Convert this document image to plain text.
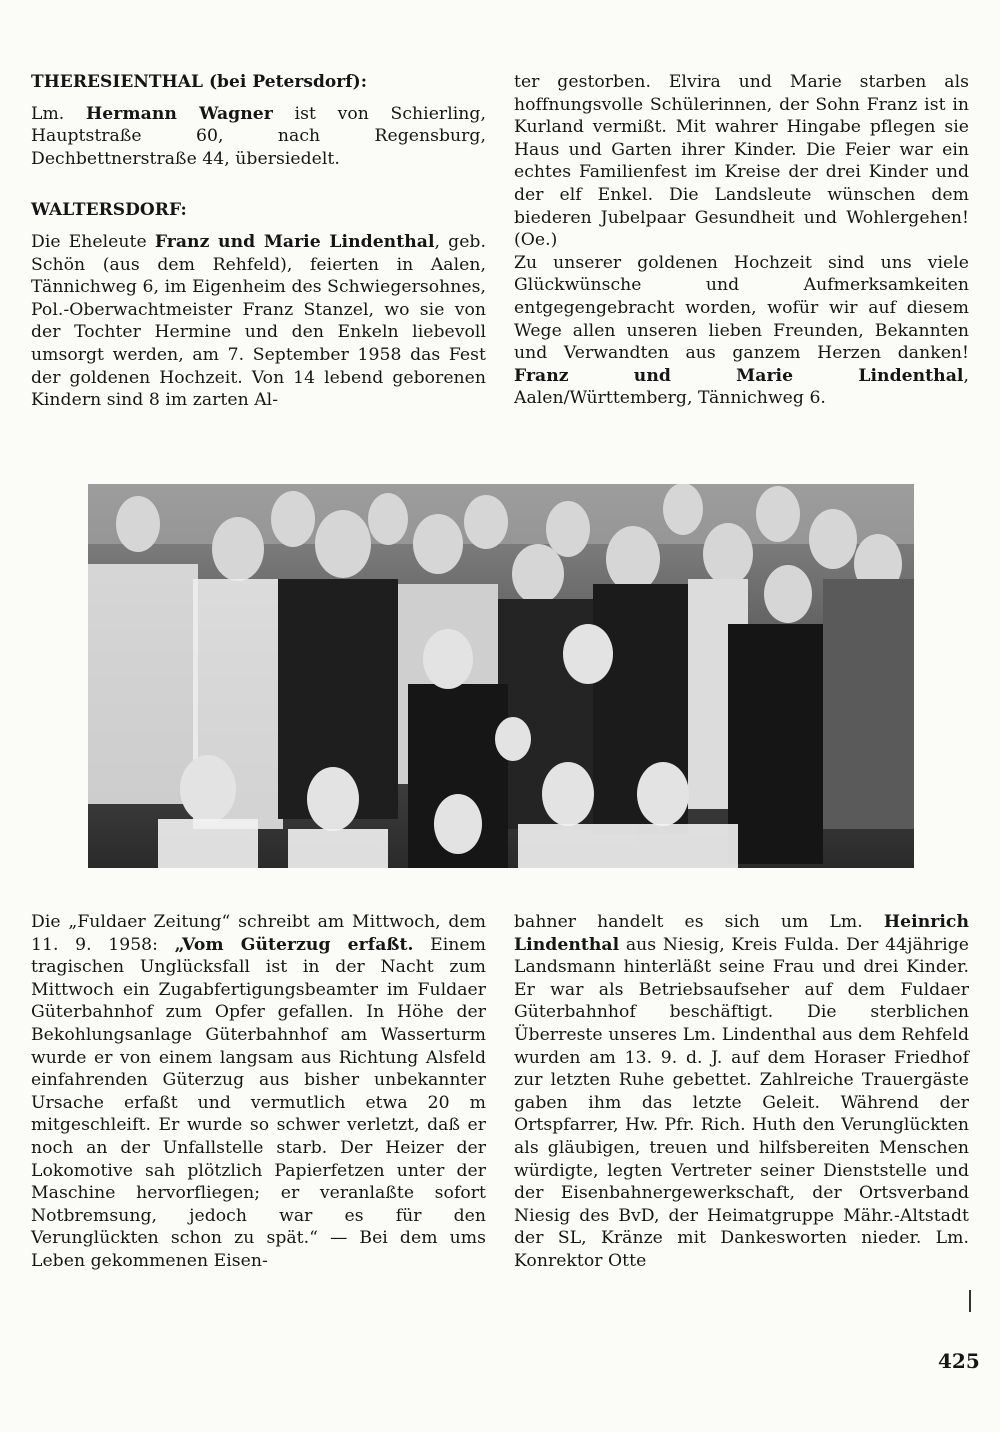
THERESIENTHAL (bei Petersdorf):

Lm. Hermann Wagner ist von Schierling, Hauptstraße 60, nach Regensburg, Dechbettnerstraße 44, übersiedelt.

WALTERSDORF:

Die Eheleute Franz und Marie Lindenthal, geb. Schön (aus dem Rehfeld), feierten in Aalen, Tännichweg 6, im Eigenheim des Schwiegersohnes, Pol.-Oberwachtmeister Franz Stanzel, wo sie von der Tochter Hermine und den Enkeln liebevoll umsorgt werden, am 7. September 1958 das Fest der goldenen Hochzeit. Von 14 lebend geborenen Kindern sind 8 im zarten Al-

ter gestorben. Elvira und Marie starben als hoffnungsvolle Schülerinnen, der Sohn Franz ist in Kurland vermißt. Mit wahrer Hingabe pflegen sie Haus und Garten ihrer Kinder. Die Feier war ein echtes Familienfest im Kreise der drei Kinder und der elf Enkel. Die Landsleute wünschen dem biederen Jubelpaar Gesundheit und Wohlergehen! (Oe.)

Zu unserer goldenen Hochzeit sind uns viele Glückwünsche und Aufmerksamkeiten entgegengebracht worden, wofür wir auf diesem Wege allen unseren lieben Freunden, Bekannten und Verwandten aus ganzem Herzen danken! Franz und Marie Lindenthal, Aalen/Württemberg, Tännichweg 6.

Die „Fuldaer Zeitung“ schreibt am Mittwoch, dem 11. 9. 1958: „Vom Güterzug erfaßt. Einem tragischen Unglücksfall ist in der Nacht zum Mittwoch ein Zugabfertigungsbeamter im Fuldaer Güterbahnhof zum Opfer gefallen. In Höhe der Bekohlungsanlage Güterbahnhof am Wasserturm wurde er von einem langsam aus Richtung Alsfeld einfahrenden Güterzug aus bisher unbekannter Ursache erfaßt und vermutlich etwa 20 m mitgeschleift. Er wurde so schwer verletzt, daß er noch an der Unfallstelle starb. Der Heizer der Lokomotive sah plötzlich Papierfetzen unter der Maschine hervorfliegen; er veranlaßte sofort Notbremsung, jedoch war es für den Verunglückten schon zu spät.“ — Bei dem ums Leben gekommenen Eisen-

bahner handelt es sich um Lm. Heinrich Lindenthal aus Niesig, Kreis Fulda. Der 44jährige Landsmann hinterläßt seine Frau und drei Kinder. Er war als Betriebsaufseher auf dem Fuldaer Güterbahnhof beschäftigt. Die sterblichen Überreste unseres Lm. Lindenthal aus dem Rehfeld wurden am 13. 9. d. J. auf dem Horaser Friedhof zur letzten Ruhe gebettet. Zahlreiche Trauergäste gaben ihm das letzte Geleit. Während der Ortspfarrer, Hw. Pfr. Rich. Huth den Verunglückten als gläubigen, treuen und hilfsbereiten Menschen würdigte, legten Vertreter seiner Dienststelle und der Eisenbahnergewerkschaft, der Ortsverband Niesig des BvD, der Heimatgruppe Mähr.-Altstadt der SL, Kränze mit Dankesworten nieder. Lm. Konrektor Otte

425
